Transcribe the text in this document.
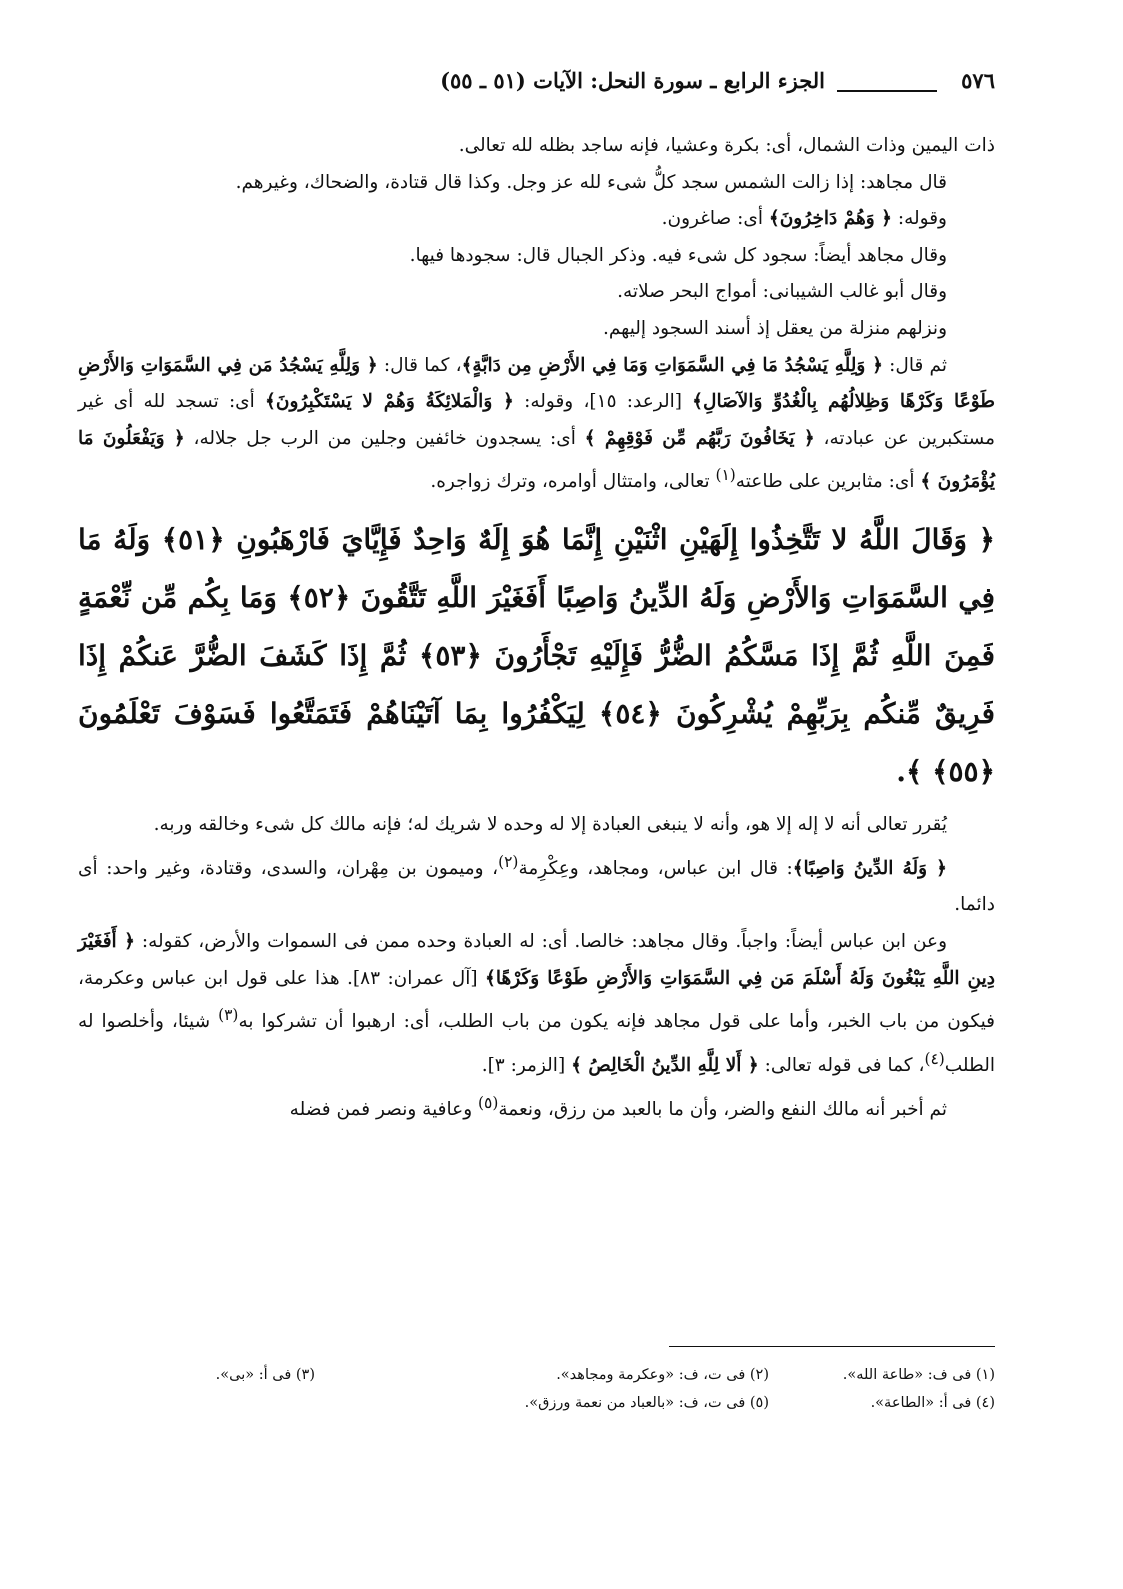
٥٧٦
الجزء الرابع ـ سورة النحل: الآيات (٥١ ـ ٥٥)

ذات اليمين وذات الشمال، أى: بكرة وعشيا، فإنه ساجد بظله لله تعالى.

قال مجاهد: إذا زالت الشمس سجد كلُّ شىء لله عز وجل. وكذا قال قتادة، والضحاك، وغيرهم.

وقوله: ﴿ وَهُمْ دَاخِرُونَ﴾ أى: صاغرون.

وقال مجاهد أيضاً: سجود كل شىء فيه. وذكر الجبال قال: سجودها فيها.

وقال أبو غالب الشيبانى: أمواج البحر صلاته.

ونزلهم منزلة من يعقل إذ أسند السجود إليهم.

ثم قال: ﴿ وَلِلَّهِ يَسْجُدُ مَا فِي السَّمَوَاتِ وَمَا فِي الأَرْضِ مِن دَابَّةٍ﴾، كما قال: ﴿ وَلِلَّهِ يَسْجُدُ مَن فِي السَّمَوَاتِ وَالأَرْضِ طَوْعًا وَكَرْهًا وَظِلالُهُم بِالْغُدُوِّ وَالآصَالِ﴾ [الرعد: ١٥]، وقوله: ﴿ وَالْمَلائِكَةُ وَهُمْ لا يَسْتَكْبِرُونَ﴾ أى: تسجد لله أى غير مستكبرين عن عبادته، ﴿ يَخَافُونَ رَبَّهُم مِّن فَوْقِهِمْ ﴾ أى: يسجدون خائفين وجلين من الرب جل جلاله، ﴿ وَيَفْعَلُونَ مَا يُؤْمَرُونَ ﴾ أى: مثابرين على طاعته$^{(١)}$ تعالى، وامتثال أوامره، وترك زواجره.

﴿ وَقَالَ اللَّهُ لا تَتَّخِذُوا إِلَهَيْنِ اثْنَيْنِ إِنَّمَا هُوَ إِلَهٌ وَاحِدٌ فَإِيَّايَ فَارْهَبُونِ ﴿٥١﴾ وَلَهُ مَا فِي السَّمَوَاتِ وَالأَرْضِ وَلَهُ الدِّينُ وَاصِبًا أَفَغَيْرَ اللَّهِ تَتَّقُونَ ﴿٥٢﴾ وَمَا بِكُم مِّن نِّعْمَةٍ فَمِنَ اللَّهِ ثُمَّ إِذَا مَسَّكُمُ الضُّرُّ فَإِلَيْهِ تَجْأَرُونَ ﴿٥٣﴾ ثُمَّ إِذَا كَشَفَ الضُّرَّ عَنكُمْ إِذَا فَرِيقٌ مِّنكُم بِرَبِّهِمْ يُشْرِكُونَ ﴿٥٤﴾ لِيَكْفُرُوا بِمَا آتَيْنَاهُمْ فَتَمَتَّعُوا فَسَوْفَ تَعْلَمُونَ ﴿٥٥﴾ ﴾.

يُقرر تعالى أنه لا إله إلا هو، وأنه لا ينبغى العبادة إلا له وحده لا شريك له؛ فإنه مالك كل شىء وخالقه وربه.

﴿ وَلَهُ الدِّينُ وَاصِبًا﴾: قال ابن عباس، ومجاهد، وعِكْرِمة$^{(٢)}$، وميمون بن مِهْران، والسدى، وقتادة، وغير واحد: أى دائما.

وعن ابن عباس أيضاً: واجباً. وقال مجاهد: خالصا. أى: له العبادة وحده ممن فى السموات والأرض، كقوله: ﴿ أَفَغَيْرَ دِينِ اللَّهِ يَبْغُونَ وَلَهُ أَسْلَمَ مَن فِي السَّمَوَاتِ وَالأَرْضِ طَوْعًا وَكَرْهًا﴾ [آل عمران: ٨٣]. هذا على قول ابن عباس وعكرمة، فيكون من باب الخبر، وأما على قول مجاهد فإنه يكون من باب الطلب، أى: ارهبوا أن تشركوا به$^{(٣)}$ شيئا، وأخلصوا له الطلب$^{(٤)}$، كما فى قوله تعالى: ﴿ أَلا لِلَّهِ الدِّينُ الْخَالِصُ ﴾ [الزمر: ٣].

ثم أخبر أنه مالك النفع والضر، وأن ما بالعبد من رزق، ونعمة$^{(٥)}$ وعافية ونصر فمن فضله

(١) فى ف: «طاعة الله».
(٢) فى ت، ف: «وعكرمة ومجاهد».
(٣) فى أ: «بى».
(٤) فى أ: «الطاعة».
(٥) فى ت، ف: «بالعباد من نعمة ورزق».
